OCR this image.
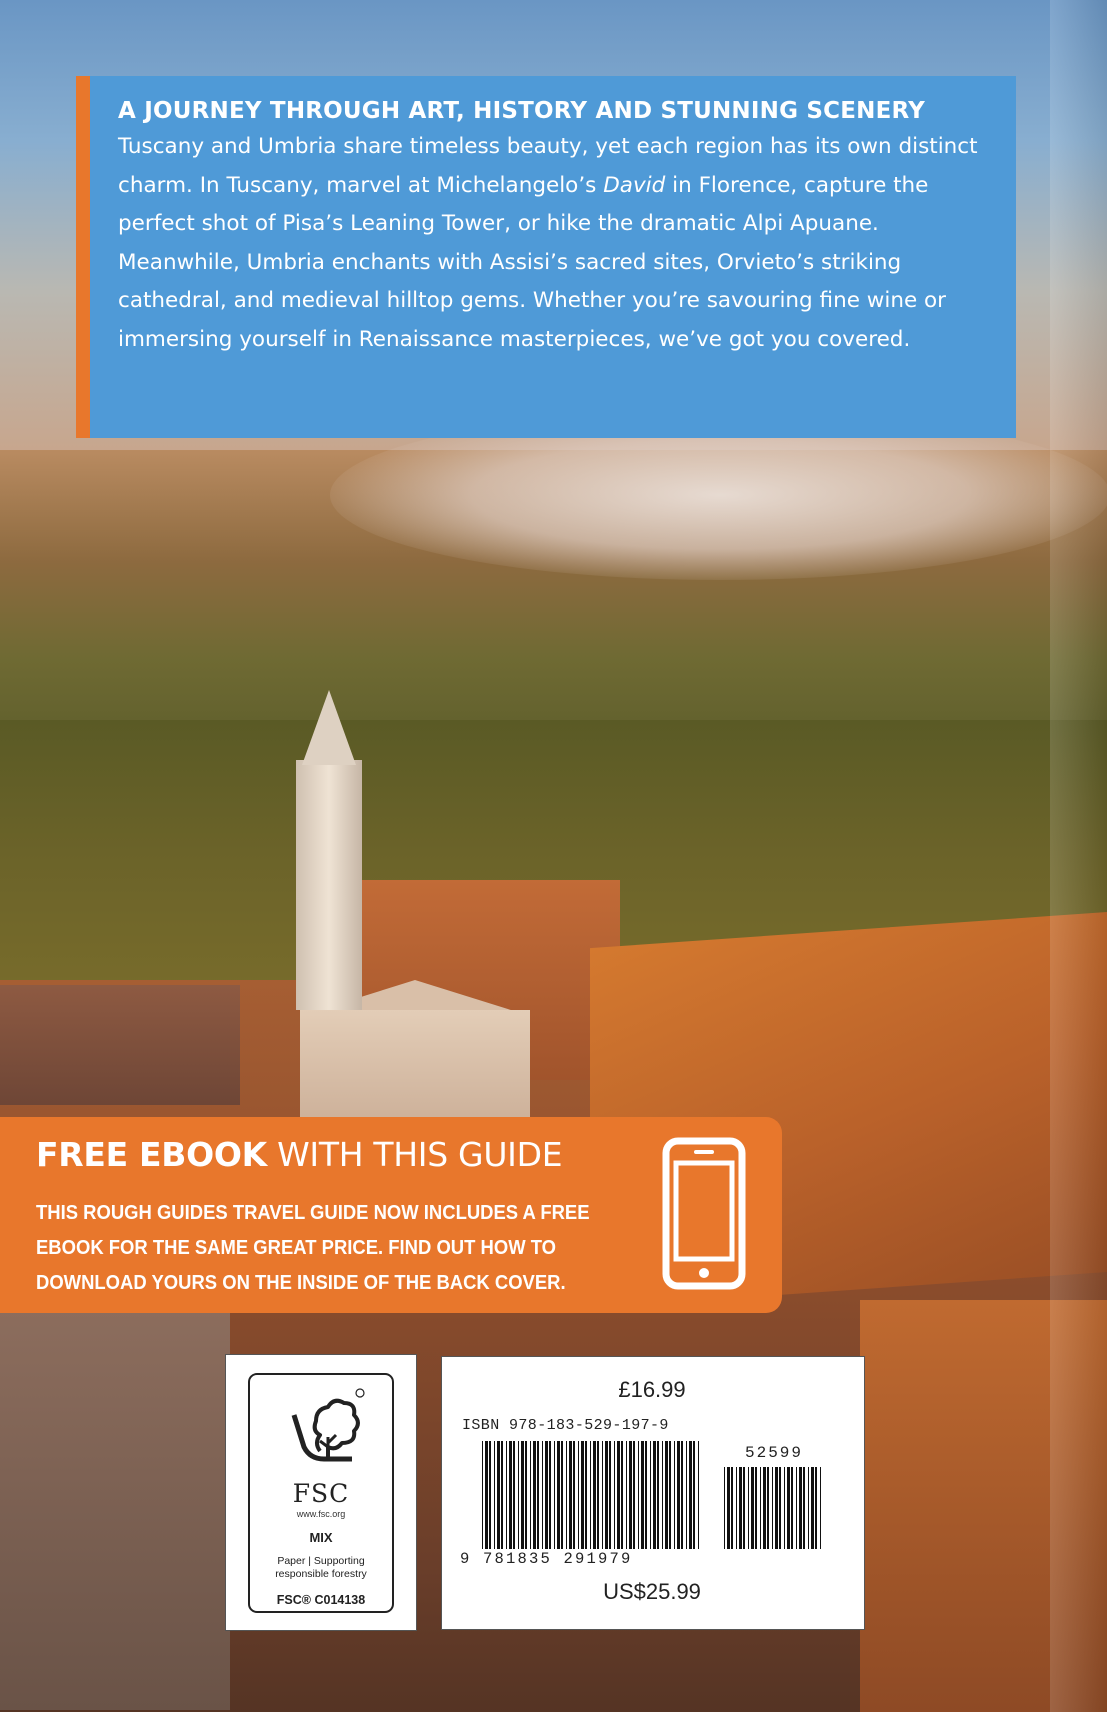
A JOURNEY THROUGH ART, HISTORY AND STUNNING SCENERY

Tuscany and Umbria share timeless beauty, yet each region has its own distinct charm. In Tuscany, marvel at Michelangelo’s David in Florence, capture the perfect shot of Pisa’s Leaning Tower, or hike the dramatic Alpi Apuane. Meanwhile, Umbria enchants with Assisi’s sacred sites, Orvieto’s striking cathedral, and medieval hilltop gems. Whether you’re savouring fine wine or immersing yourself in Renaissance masterpieces, we’ve got you covered.

FREE EBOOK WITH THIS GUIDE
THIS ROUGH GUIDES TRAVEL GUIDE NOW INCLUDES A FREE
EBOOK FOR THE SAME GREAT PRICE. FIND OUT HOW TO
DOWNLOAD YOURS ON THE INSIDE OF THE BACK COVER.
FSC
www.fsc.org
MIX
Paper | Supporting
responsible forestry
FSC® C014138
£16.99
ISBN 978-183-529-197-9
52599
9 781835 291979
US$25.99
